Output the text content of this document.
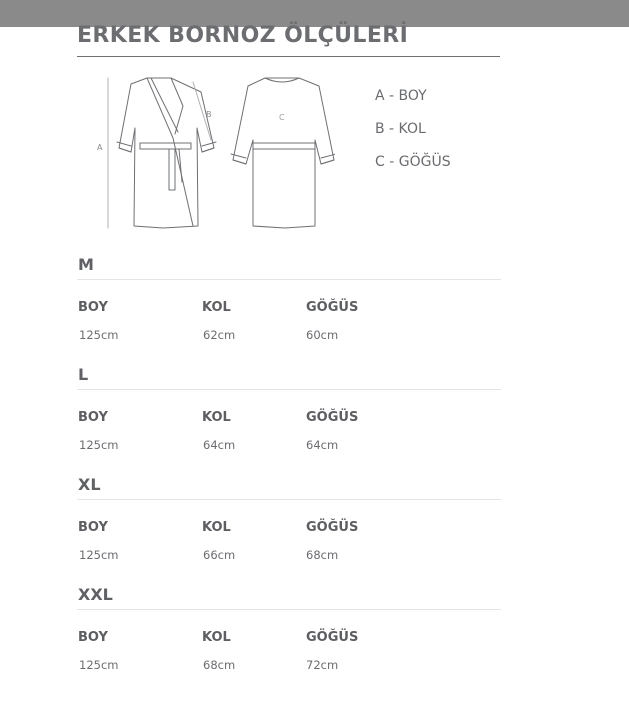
ERKEK BORNOZ ÖLÇÜLERİ
A
B	C
A - BOY
B - KOL
C - GÖĞÜS
M
BOY	KOL	GÖĞÜS
125cm	62cm	60cm
L
BOY	KOL	GÖĞÜS
125cm	64cm	64cm
XL
BOY	KOL	GÖĞÜS
125cm	66cm	68cm
XXL
BOY	KOL	GÖĞÜS
125cm	68cm	72cm
